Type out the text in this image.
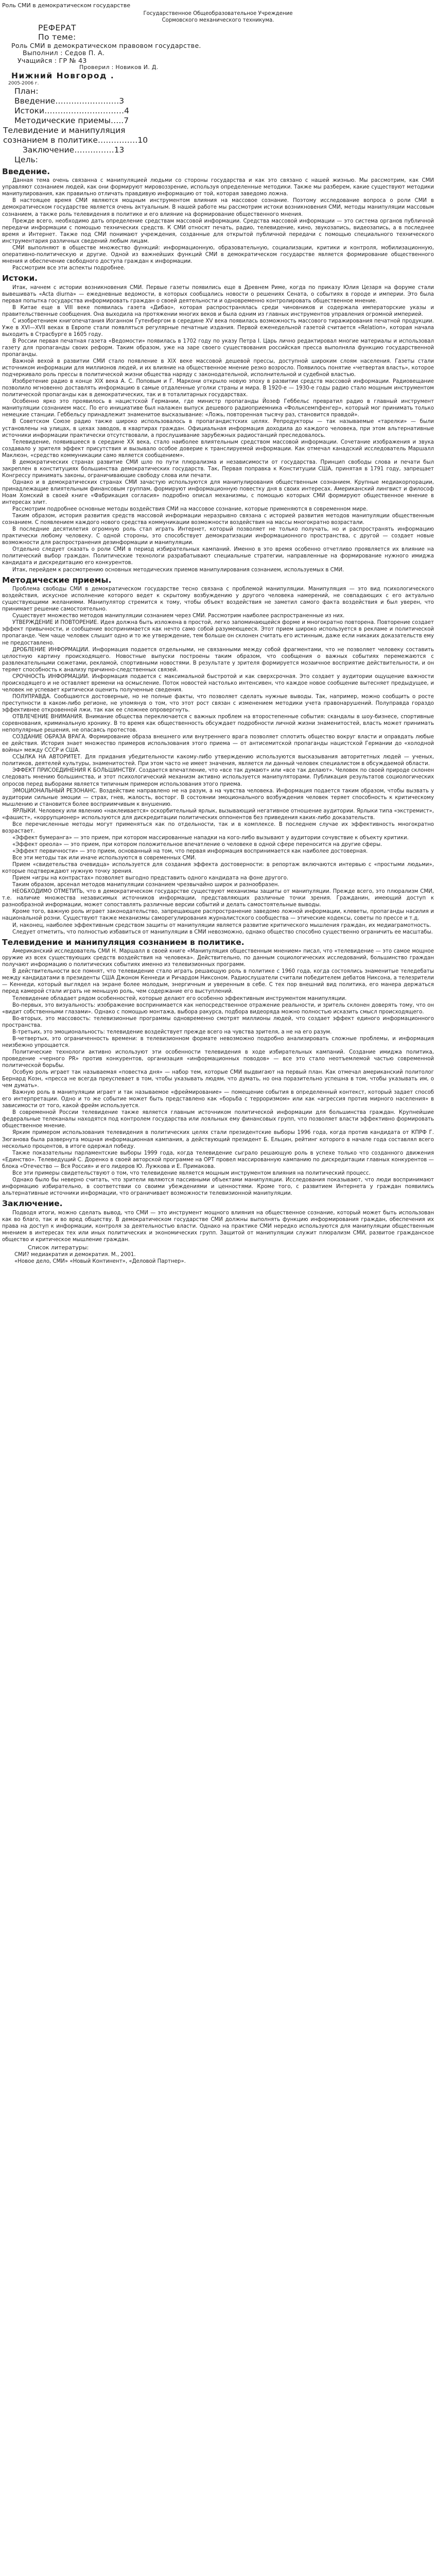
Роль СМИ в демократическом государстве

Государственное Общеобразовательное Учреждение

Сормовского механического техникума.

РЕФЕРАТ
По теме:
Роль СМИ в демократическом правовом государстве.
Выполнил : Седов П. А.
Учащийся : ГР № 43
Проверил : Новиков И. Д.
Нижний Новгород .
2005-2006 г.
План:
Введение……………………3
Истоки…………………………4
Методические приемы…..7
Телевидение и манипуляция
сознанием в политике……………10
Заключение……………13
Цель:
Введение.

Данная тема очень связанна с манипуляцией людьми со стороны государства и как это связано с нашей жизнью. Мы рассмотрим, как СМИ управляют сознанием людей, как они формируют мировоззрение, используя определенные методики. Также мы разберем, какие существуют методики манипулирования, как правильно отличать правдивую информацию от той, которая заведомо ложна.

В настоящее время СМИ являются мощным инструментом влияния на массовое сознание. Поэтому исследование вопроса о роли СМИ в демократическом государстве является очень актуальным. В нашей работе мы рассмотрим истоки возникновения СМИ, методы манипуляции массовым сознанием, а также роль телевидения в политике и его влияние на формирование общественного мнения.

Прежде всего, необходимо дать определение средствам массовой информации. Средства массовой информации — это система органов публичной передачи информации с помощью технических средств. К СМИ относят печать, радио, телевидение, кино, звукозапись, видеозапись, а в последнее время и Интернет. Также под СМИ понимают учреждения, созданные для открытой публичной передачи с помощью специального технического инструментария различных сведений любым лицам.

СМИ выполняют в обществе множество функций: информационную, образовательную, социализации, критики и контроля, мобилизационную, оперативно-политическую и другие. Одной из важнейших функций СМИ в демократическом государстве является формирование общественного мнения и обеспечение свободного доступа граждан к информации.

Рассмотрим все эти аспекты подробнее.

Истоки.

Итак, начнем с истории возникновения СМИ. Первые газеты появились еще в Древнем Риме, когда по приказу Юлия Цезаря на форуме стали вывешивать «Acta diurna» — ежедневные ведомости, в которых сообщались новости о решениях Сената, о событиях в городе и империи. Это была первая попытка государства информировать граждан о своей деятельности и одновременно контролировать общественное мнение.

В Китае еще в VIII веке появилась газета «Дибао», которая распространялась среди чиновников и содержала императорские указы и правительственные сообщения. Она выходила на протяжении многих веков и была одним из главных инструментов управления огромной империей.

С изобретением книгопечатания Иоганном Гутенбергом в середине XV века появилась возможность массового тиражирования печатной продукции. Уже в XVI—XVII веках в Европе стали появляться регулярные печатные издания. Первой еженедельной газетой считается «Relation», которая начала выходить в Страсбурге в 1605 году.

В России первая печатная газета «Ведомости» появилась в 1702 году по указу Петра I. Царь лично редактировал многие материалы и использовал газету для пропаганды своих реформ. Таким образом, уже на заре своего существования российская пресса выполняла функцию государственной пропаганды.

Важной вехой в развитии СМИ стало появление в XIX веке массовой дешевой прессы, доступной широким слоям населения. Газеты стали источником информации для миллионов людей, и их влияние на общественное мнение резко возросло. Появилось понятие «четвертая власть», которое подчеркивало роль прессы в политической жизни общества наряду с законодательной, исполнительной и судебной властью.

Изобретение радио в конце XIX века А. С. Поповым и Г. Маркони открыло новую эпоху в развитии средств массовой информации. Радиовещание позволило мгновенно доставлять информацию в самые отдаленные уголки страны и мира. В 1920-е — 1930-е годы радио стало мощным инструментом политической пропаганды как в демократических, так и в тоталитарных государствах.

Особенно ярко это проявилось в нацистской Германии, где министр пропаганды Йозеф Геббельс превратил радио в главный инструмент манипуляции сознанием масс. По его инициативе был налажен выпуск дешевого радиоприемника «Фольксемпфенгер», который мог принимать только немецкие станции. Геббельсу принадлежит знаменитое высказывание: «Ложь, повторенная тысячу раз, становится правдой».

В Советском Союзе радио также широко использовалось в пропагандистских целях. Репродукторы — так называемые «тарелки» — были установлены на улицах, в цехах заводов, в квартирах граждан. Официальная информация доходила до каждого человека, при этом альтернативные источники информации практически отсутствовали, а прослушивание зарубежных радиостанций преследовалось.

Телевидение, появившееся в середине XX века, стало наиболее влиятельным средством массовой информации. Сочетание изображения и звука создавало у зрителя эффект присутствия и вызывало особое доверие к транслируемой информации. Как отмечал канадский исследователь Маршалл Маклюэн, «средство коммуникации само является сообщением».

В демократических странах развитие СМИ шло по пути плюрализма и независимости от государства. Принцип свободы слова и печати был закреплен в конституциях большинства демократических государств. Так, Первая поправка к Конституции США, принятая в 1791 году, запрещает Конгрессу принимать законы, ограничивающие свободу слова или печати.

Однако и в демократических странах СМИ зачастую используются для манипулирования общественным сознанием. Крупные медиакорпорации, принадлежащие влиятельным финансовым группам, формируют информационную повестку дня в своих интересах. Американский лингвист и философ Ноам Хомский в своей книге «Фабрикация согласия» подробно описал механизмы, с помощью которых СМИ формируют общественное мнение в интересах элит.

Рассмотрим подробнее основные методы воздействия СМИ на массовое сознание, которые применяются в современном мире.

Таким образом, история развития средств массовой информации неразрывно связана с историей развития методов манипуляции общественным сознанием. С появлением каждого нового средства коммуникации возможности воздействия на массы многократно возрастали.

В последние десятилетия огромную роль стал играть Интернет, который позволяет не только получать, но и распространять информацию практически любому человеку. С одной стороны, это способствует демократизации информационного пространства, с другой — создает новые возможности для распространения дезинформации и манипуляции.

Отдельно следует сказать о роли СМИ в период избирательных кампаний. Именно в это время особенно отчетливо проявляется их влияние на политический выбор граждан. Политические технологи разрабатывают специальные стратегии, направленные на формирование нужного имиджа кандидата и дискредитацию его конкурентов.

Итак, перейдем к рассмотрению основных методических приемов манипулирования сознанием, используемых в СМИ.

Методические приемы.

Проблема свободы СМИ в демократическом государстве тесно связана с проблемой манипуляции. Манипуляция — это вид психологического воздействия, искусное исполнение которого ведет к скрытому возбуждению у другого человека намерений, не совпадающих с его актуально существующими желаниями. Манипулятор стремится к тому, чтобы объект воздействия не заметил самого факта воздействия и был уверен, что принимает решение самостоятельно.

Существует множество методов манипуляции сознанием через СМИ. Рассмотрим наиболее распространенные из них.

УТВЕРЖДЕНИЕ И ПОВТОРЕНИЕ. Идея должна быть изложена в простой, легко запоминающейся форме и многократно повторена. Повторение создает эффект привычности, и сообщение воспринимается как нечто само собой разумеющееся. Этот прием широко используется в рекламе и политической пропаганде. Чем чаще человек слышит одно и то же утверждение, тем больше он склонен считать его истинным, даже если никаких доказательств ему не предоставлено.

ДРОБЛЕНИЕ ИНФОРМАЦИИ. Информация подается отдельными, не связанными между собой фрагментами, что не позволяет человеку составить целостную картину происходящего. Новостные выпуски построены таким образом, что сообщения о важных событиях перемежаются с развлекательными сюжетами, рекламой, спортивными новостями. В результате у зрителя формируется мозаичное восприятие действительности, и он теряет способность к анализу причинно-следственных связей.

СРОЧНОСТЬ ИНФОРМАЦИИ. Информация подается с максимальной быстротой и как сверхсрочная. Это создает у аудитории ощущение важности происходящего и не оставляет времени на осмысление. Поток новостей настолько интенсивен, что каждое новое сообщение вытесняет предыдущее, и человек не успевает критически оценить полученные сведения.

ПОЛУПРАВДА. Сообщаются достоверные, но не полные факты, что позволяет сделать нужные выводы. Так, например, можно сообщить о росте преступности в каком-либо регионе, не упомянув о том, что этот рост связан с изменением методики учета правонарушений. Полуправда гораздо эффективнее откровенной лжи, так как ее сложнее опровергнуть.

ОТВЛЕЧЕНИЕ ВНИМАНИЯ. Внимание общества переключается с важных проблем на второстепенные события: скандалы в шоу-бизнесе, спортивные соревнования, криминальную хронику. В то время как общественность обсуждает подробности личной жизни знаменитостей, власть может принимать непопулярные решения, не опасаясь протестов.

СОЗДАНИЕ ОБРАЗА ВРАГА. Формирование образа внешнего или внутреннего врага позволяет сплотить общество вокруг власти и оправдать любые ее действия. История знает множество примеров использования этого приема — от антисемитской пропаганды нацистской Германии до «холодной войны» между СССР и США.

ССЫЛКА НА АВТОРИТЕТ. Для придания убедительности какому-либо утверждению используются высказывания авторитетных людей — ученых, политиков, деятелей культуры, знаменитостей. При этом часто не имеет значения, является ли данный человек специалистом в обсуждаемой области.

ЭФФЕКТ ПРИСОЕДИНЕНИЯ К БОЛЬШИНСТВУ. Создается впечатление, что «все так думают» или «все так делают». Человек по своей природе склонен следовать мнению большинства, и этот психологический механизм активно используется манипуляторами. Публикация результатов социологических опросов перед выборами является типичным примером использования этого приема.

ЭМОЦИОНАЛЬНЫЙ РЕЗОНАНС. Воздействие направлено не на разум, а на чувства человека. Информация подается таким образом, чтобы вызвать у аудитории сильные эмоции — страх, гнев, жалость, восторг. В состоянии эмоционального возбуждения человек теряет способность к критическому мышлению и становится более восприимчивым к внушению.

ЯРЛЫКИ. Человеку или явлению «наклеивается» оскорбительный ярлык, вызывающий негативное отношение аудитории. Ярлыки типа «экстремист», «фашист», «коррупционер» используются для дискредитации политических оппонентов без приведения каких-либо доказательств.

Все перечисленные методы могут применяться как по отдельности, так и в комплексе. В последнем случае их эффективность многократно возрастает.

«Эффект бумеранга» — это прием, при котором массированные нападки на кого-либо вызывают у аудитории сочувствие к объекту критики.

«Эффект ореола» — это прием, при котором положительное впечатление о человеке в одной сфере переносится на другие сферы.

«Эффект первичности» — это прием, основанный на том, что первая информация воспринимается как наиболее достоверная.

Все эти методы так или иначе используются в современных СМИ.

Прием «свидетельства очевидца» используется для создания эффекта достоверности: в репортаж включаются интервью с «простыми людьми», которые подтверждают нужную точку зрения.

Прием «игры на контрастах» позволяет выгодно представить одного кандидата на фоне другого.

Таким образом, арсенал методов манипуляции сознанием чрезвычайно широк и разнообразен.

НЕОБХОДИМО ОТМЕТИТЬ, что в демократическом государстве существуют механизмы защиты от манипуляции. Прежде всего, это плюрализм СМИ, т.е. наличие множества независимых источников информации, представляющих различные точки зрения. Гражданин, имеющий доступ к разнообразной информации, может сопоставлять различные версии событий и делать самостоятельные выводы.

Кроме того, важную роль играет законодательство, запрещающее распространение заведомо ложной информации, клеветы, пропаганды насилия и национальной розни. Существуют также механизмы саморегулирования журналистского сообщества — этические кодексы, советы по прессе и т.д.

И, наконец, наиболее эффективным средством защиты от манипуляции является развитие критического мышления граждан, их медиаграмотность.

Следует отметить, что полностью избавиться от манипуляции в СМИ невозможно, однако общество способно существенно ограничить ее масштабы.

Телевидение и манипуляция сознанием в политике.

Американский исследователь СМИ Н. Маршалл в своей книге «Манипуляция общественным мнением» писал, что «телевидение — это самое мощное оружие из всех существующих средств воздействия на человека». Действительно, по данным социологических исследований, большинство граждан получают информацию о политических событиях именно из телевизионных программ.

В действительности все помнят, что телевидение стало играть решающую роль в политике с 1960 года, когда состоялись знаменитые теледебаты между кандидатами в президенты США Джоном Кеннеди и Ричардом Никсоном. Радиослушатели считали победителем дебатов Никсона, а телезрители — Кеннеди, который выглядел на экране более молодым, энергичным и уверенным в себе. С тех пор внешний вид политика, его манера держаться перед камерой стали играть не меньшую роль, чем содержание его выступлений.

Телевидение обладает рядом особенностей, которые делают его особенно эффективным инструментом манипуляции.

Во-первых, это визуальность: изображение воспринимается как непосредственное отражение реальности, и зритель склонен доверять тому, что он «видит собственными глазами». Однако с помощью монтажа, выбора ракурса, подбора видеоряда можно полностью исказить смысл происходящего.

Во-вторых, это массовость: телевизионные программы одновременно смотрят миллионы людей, что создает эффект единого информационного пространства.

В-третьих, это эмоциональность: телевидение воздействует прежде всего на чувства зрителя, а не на его разум.

В-четвертых, это ограниченность времени: в телевизионном формате невозможно подробно анализировать сложные проблемы, и информация неизбежно упрощается.

Политические технологи активно используют эти особенности телевидения в ходе избирательных кампаний. Создание имиджа политика, проведение «черного PR» против конкурентов, организация «информационных поводов» — все это стало неотъемлемой частью современной политической борьбы.

Особую роль играет так называемая «повестка дня» — набор тем, которые СМИ выдвигают на первый план. Как отмечал американский политолог Бернард Коэн, «пресса не всегда преуспевает в том, чтобы указывать людям, что думать, но она поразительно успешна в том, чтобы указывать им, о чем думать».

Важную роль в манипуляции играет и так называемое «фреймирование» — помещение события в определенный контекст, который задает способ его интерпретации. Одно и то же событие может быть представлено как «борьба с терроризмом» или как «агрессия против мирного населения» в зависимости от того, какой фрейм используется.

В современной России телевидение также является главным источником политической информации для большинства граждан. Крупнейшие федеральные телеканалы находятся под контролем государства или лояльных ему финансовых групп, что позволяет власти эффективно формировать общественное мнение.

Ярким примером использования телевидения в политических целях стали президентские выборы 1996 года, когда против кандидата от КПРФ Г. Зюганова была развернута мощная информационная кампания, а действующий президент Б. Ельцин, рейтинг которого в начале года составлял всего несколько процентов, в итоге одержал победу.

Также показательны парламентские выборы 1999 года, когда телевидение сыграло решающую роль в успехе только что созданного движения «Единство». Телеведущий С. Доренко в своей авторской программе на ОРТ провел массированную кампанию по дискредитации главных конкурентов — блока «Отечество — Вся Россия» и его лидеров Ю. Лужкова и Е. Примакова.

Все эти примеры свидетельствуют о том, что телевидение является мощным инструментом влияния на политический процесс.

Однако было бы неверно считать, что зрители являются пассивными объектами манипуляции. Исследования показывают, что люди воспринимают информацию избирательно, в соответствии со своими убеждениями и ценностями. Кроме того, с развитием Интернета у граждан появились альтернативные источники информации, что ограничивает возможности телевизионной манипуляции.

Заключение.

Подводя итоги, можно сделать вывод, что СМИ — это инструмент мощного влияния на общественное сознание, который может быть использован как во благо, так и во вред обществу. В демократическом государстве СМИ должны выполнять функцию информирования граждан, обеспечения их права на доступ к информации, контроля за деятельностью власти. Однако на практике СМИ нередко используются для манипуляции общественным мнением в интересах тех или иных политических и экономических групп. Защитой от манипуляции служит плюрализм СМИ, развитое гражданское общество и критическое мышление граждан.

Список литературы:
СМИ? медиакратия и демократия. М., 2001.
«Новое дело, СМИ» «Новый Континент», «Деловой Партнер».
